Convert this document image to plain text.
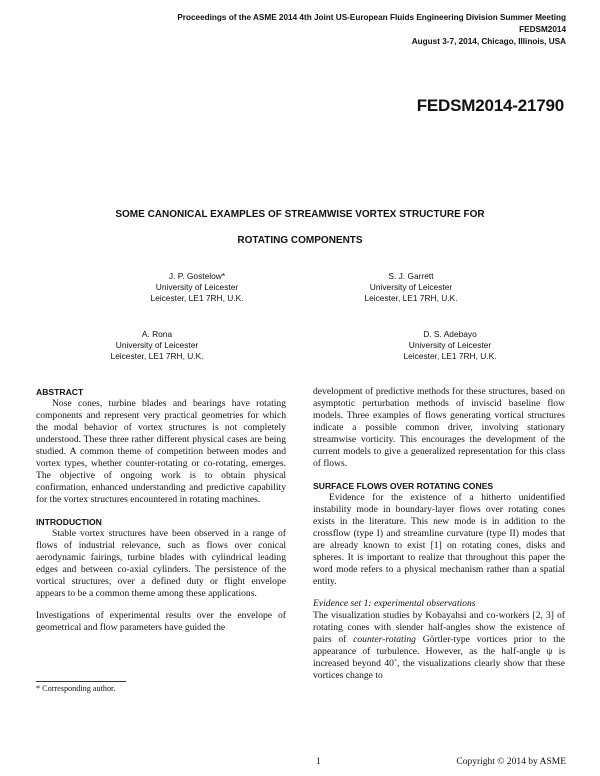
Proceedings of the ASME 2014 4th Joint US-European Fluids Engineering Division Summer Meeting
FEDSM2014
August 3-7, 2014, Chicago, Illinois, USA
FEDSM2014-21790
SOME CANONICAL EXAMPLES OF STREAMWISE VORTEX STRUCTURE FOR
ROTATING COMPONENTS
J. P. Gostelow*
University of Leicester
Leicester, LE1 7RH, U.K.
S. J. Garrett
University of Leicester
Leicester, LE1 7RH, U.K.
A. Rona
University of Leicester
Leicester, LE1 7RH, U.K.
D. S. Adebayo
University of Leicester
Leicester, LE1 7RH, U.K.
ABSTRACT

Nose cones, turbine blades and bearings have rotating components and represent very practical geometries for which the modal behavior of vortex structures is not completely understood. These three rather different physical cases are being studied. A common theme of competition between modes and vortex types, whether counter-rotating or co-rotating, emerges. The objective of ongoing work is to obtain physical confirmation, enhanced understanding and predictive capability for the vortex structures encountered in rotating machines.

INTRODUCTION

Stable vortex structures have been observed in a range of flows of industrial relevance, such as flows over conical aerodynamic fairings, turbine blades with cylindrical leading edges and between co-axial cylinders. The persistence of the vortical structures, over a defined duty or flight envelope appears to be a common theme among these applications.

Investigations of experimental results over the envelope of geometrical and flow parameters have guided the

* Corresponding author.

development of predictive methods for these structures, based on asymptotic perturbation methods of inviscid baseline flow models. Three examples of flows generating vortical structures indicate a possible common driver, involving stationary streamwise vorticity. This encourages the development of the current models to give a generalized representation for this class of flows.

SURFACE FLOWS OVER ROTATING CONES

Evidence for the existence of a hitherto unidentified instability mode in boundary-layer flows over rotating cones exists in the literature. This new mode is in addition to the crossflow (type I) and streamline curvature (type II) modes that are already known to exist [1] on rotating cones, disks and spheres. It is important to realize that throughout this paper the word mode refers to a physical mechanism rather than a spatial entity.

Evidence set 1: experimental observations

The visualization studies by Kobayahsi and co-workers [2, 3] of rotating cones with slender half-angles show the existence of pairs of counter-rotating Görtler-type vortices prior to the appearance of turbulence. However, as the half-angle ψ is increased beyond 40˚, the visualizations clearly show that these vortices change to

1	Copyright © 2014 by ASME
